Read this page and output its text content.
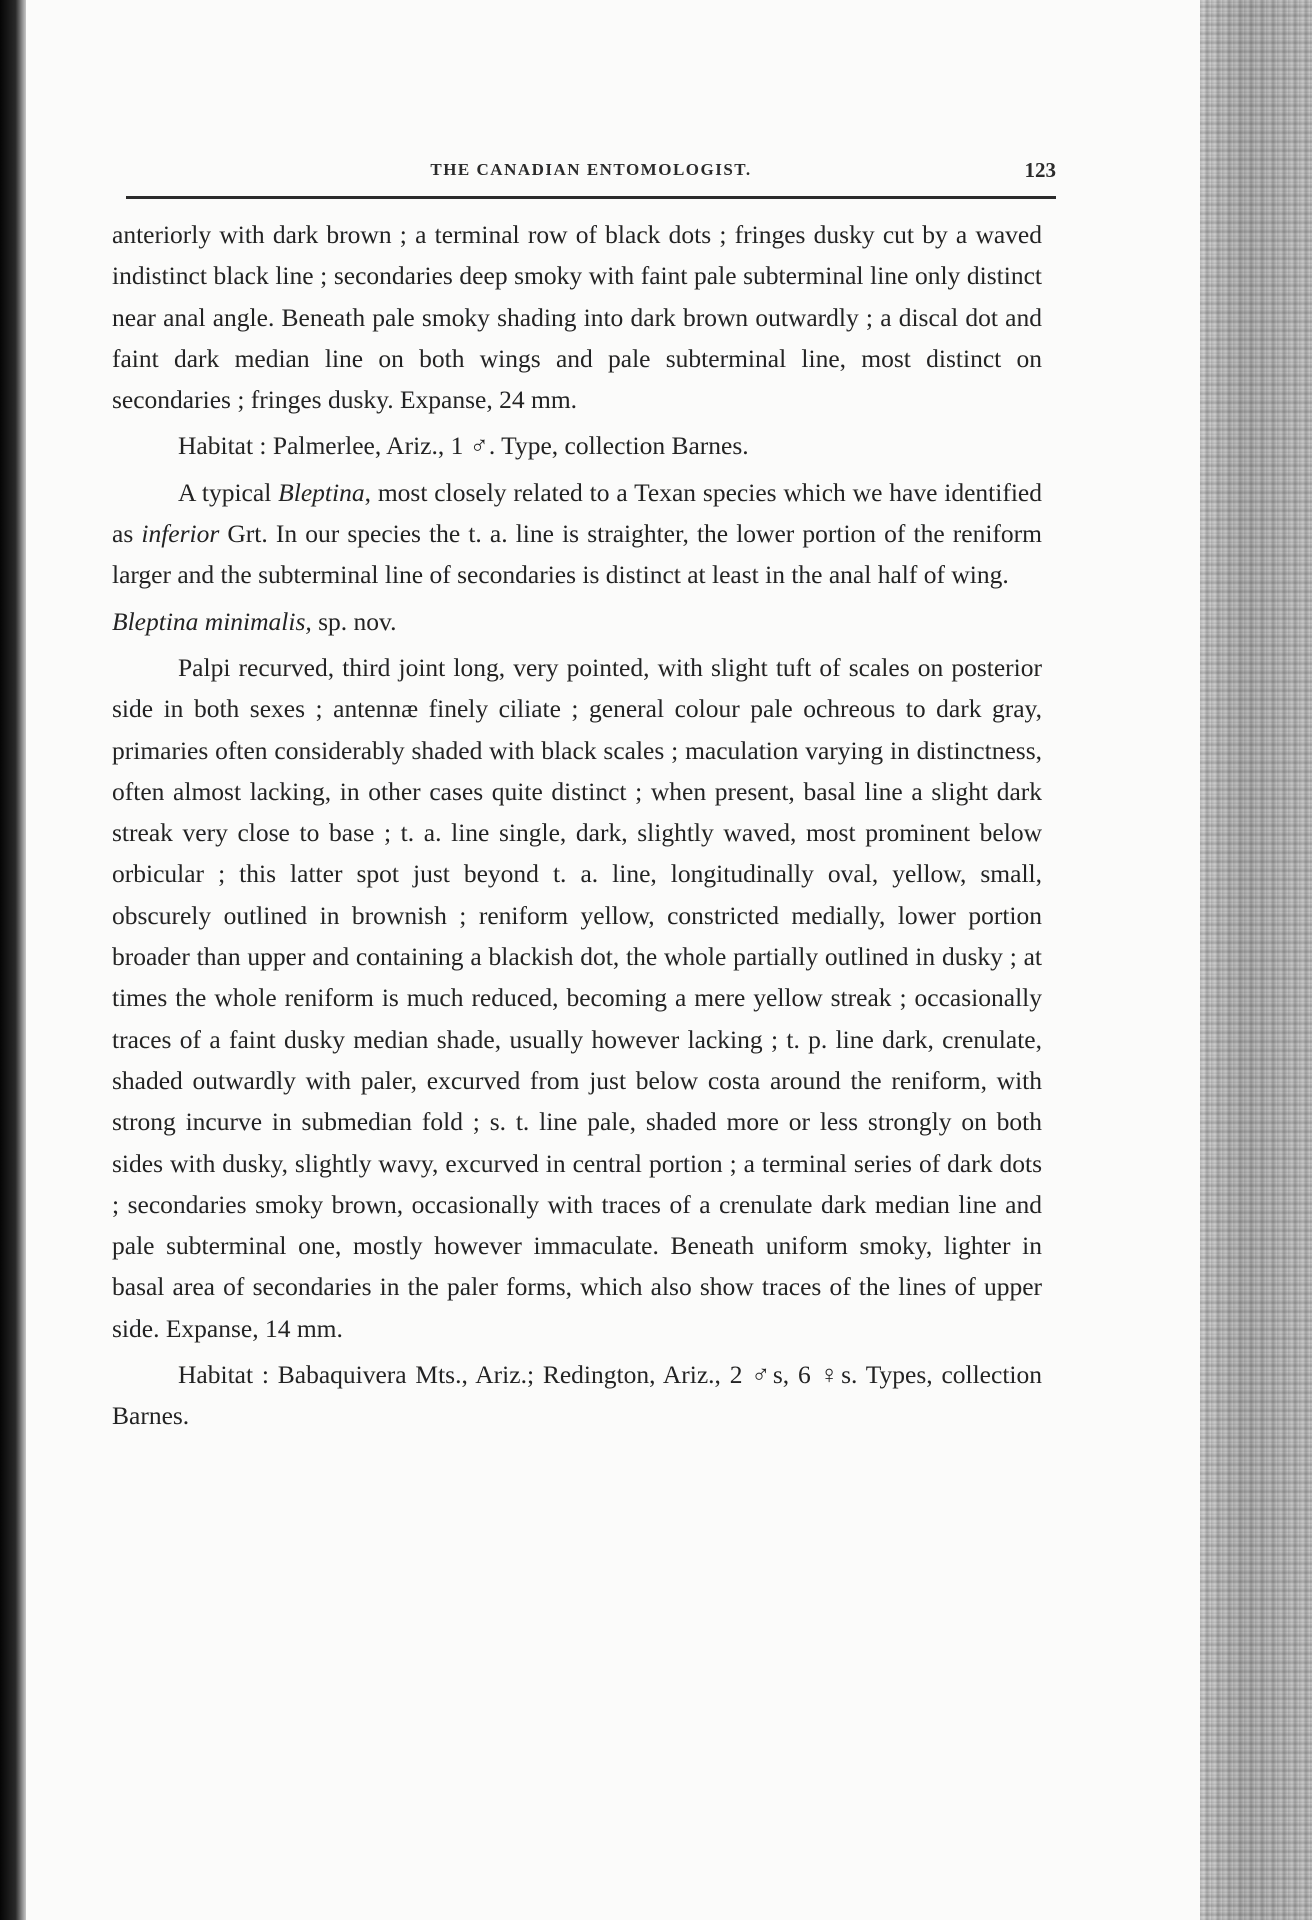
THE CANADIAN ENTOMOLOGIST.	123

anteriorly with dark brown ; a terminal row of black dots ; fringes dusky cut by a waved indistinct black line ; secondaries deep smoky with faint pale subterminal line only distinct near anal angle. Beneath pale smoky shading into dark brown outwardly ; a discal dot and faint dark median line on both wings and pale subterminal line, most distinct on secondaries ; fringes dusky. Expanse, 24 mm.

Habitat : Palmerlee, Ariz., 1 ♂. Type, collection Barnes.

A typical Bleptina, most closely related to a Texan species which we have identified as inferior Grt. In our species the t. a. line is straighter, the lower portion of the reniform larger and the subterminal line of secondaries is distinct at least in the anal half of wing.

Bleptina minimalis, sp. nov.

Palpi recurved, third joint long, very pointed, with slight tuft of scales on posterior side in both sexes ; antennæ finely ciliate ; general colour pale ochreous to dark gray, primaries often considerably shaded with black scales ; maculation varying in distinctness, often almost lacking, in other cases quite distinct ; when present, basal line a slight dark streak very close to base ; t. a. line single, dark, slightly waved, most prominent below orbicular ; this latter spot just beyond t. a. line, longitudinally oval, yellow, small, obscurely outlined in brownish ; reniform yellow, constricted medially, lower portion broader than upper and containing a blackish dot, the whole partially outlined in dusky ; at times the whole reniform is much reduced, becoming a mere yellow streak ; occasionally traces of a faint dusky median shade, usually however lacking ; t. p. line dark, crenulate, shaded outwardly with paler, excurved from just below costa around the reniform, with strong incurve in submedian fold ; s. t. line pale, shaded more or less strongly on both sides with dusky, slightly wavy, excurved in central portion ; a terminal series of dark dots ; secondaries smoky brown, occasionally with traces of a crenulate dark median line and pale subterminal one, mostly however immaculate. Beneath uniform smoky, lighter in basal area of secondaries in the paler forms, which also show traces of the lines of upper side. Expanse, 14 mm.

Habitat : Babaquivera Mts., Ariz.; Redington, Ariz., 2 ♂s, 6 ♀s. Types, collection Barnes.
